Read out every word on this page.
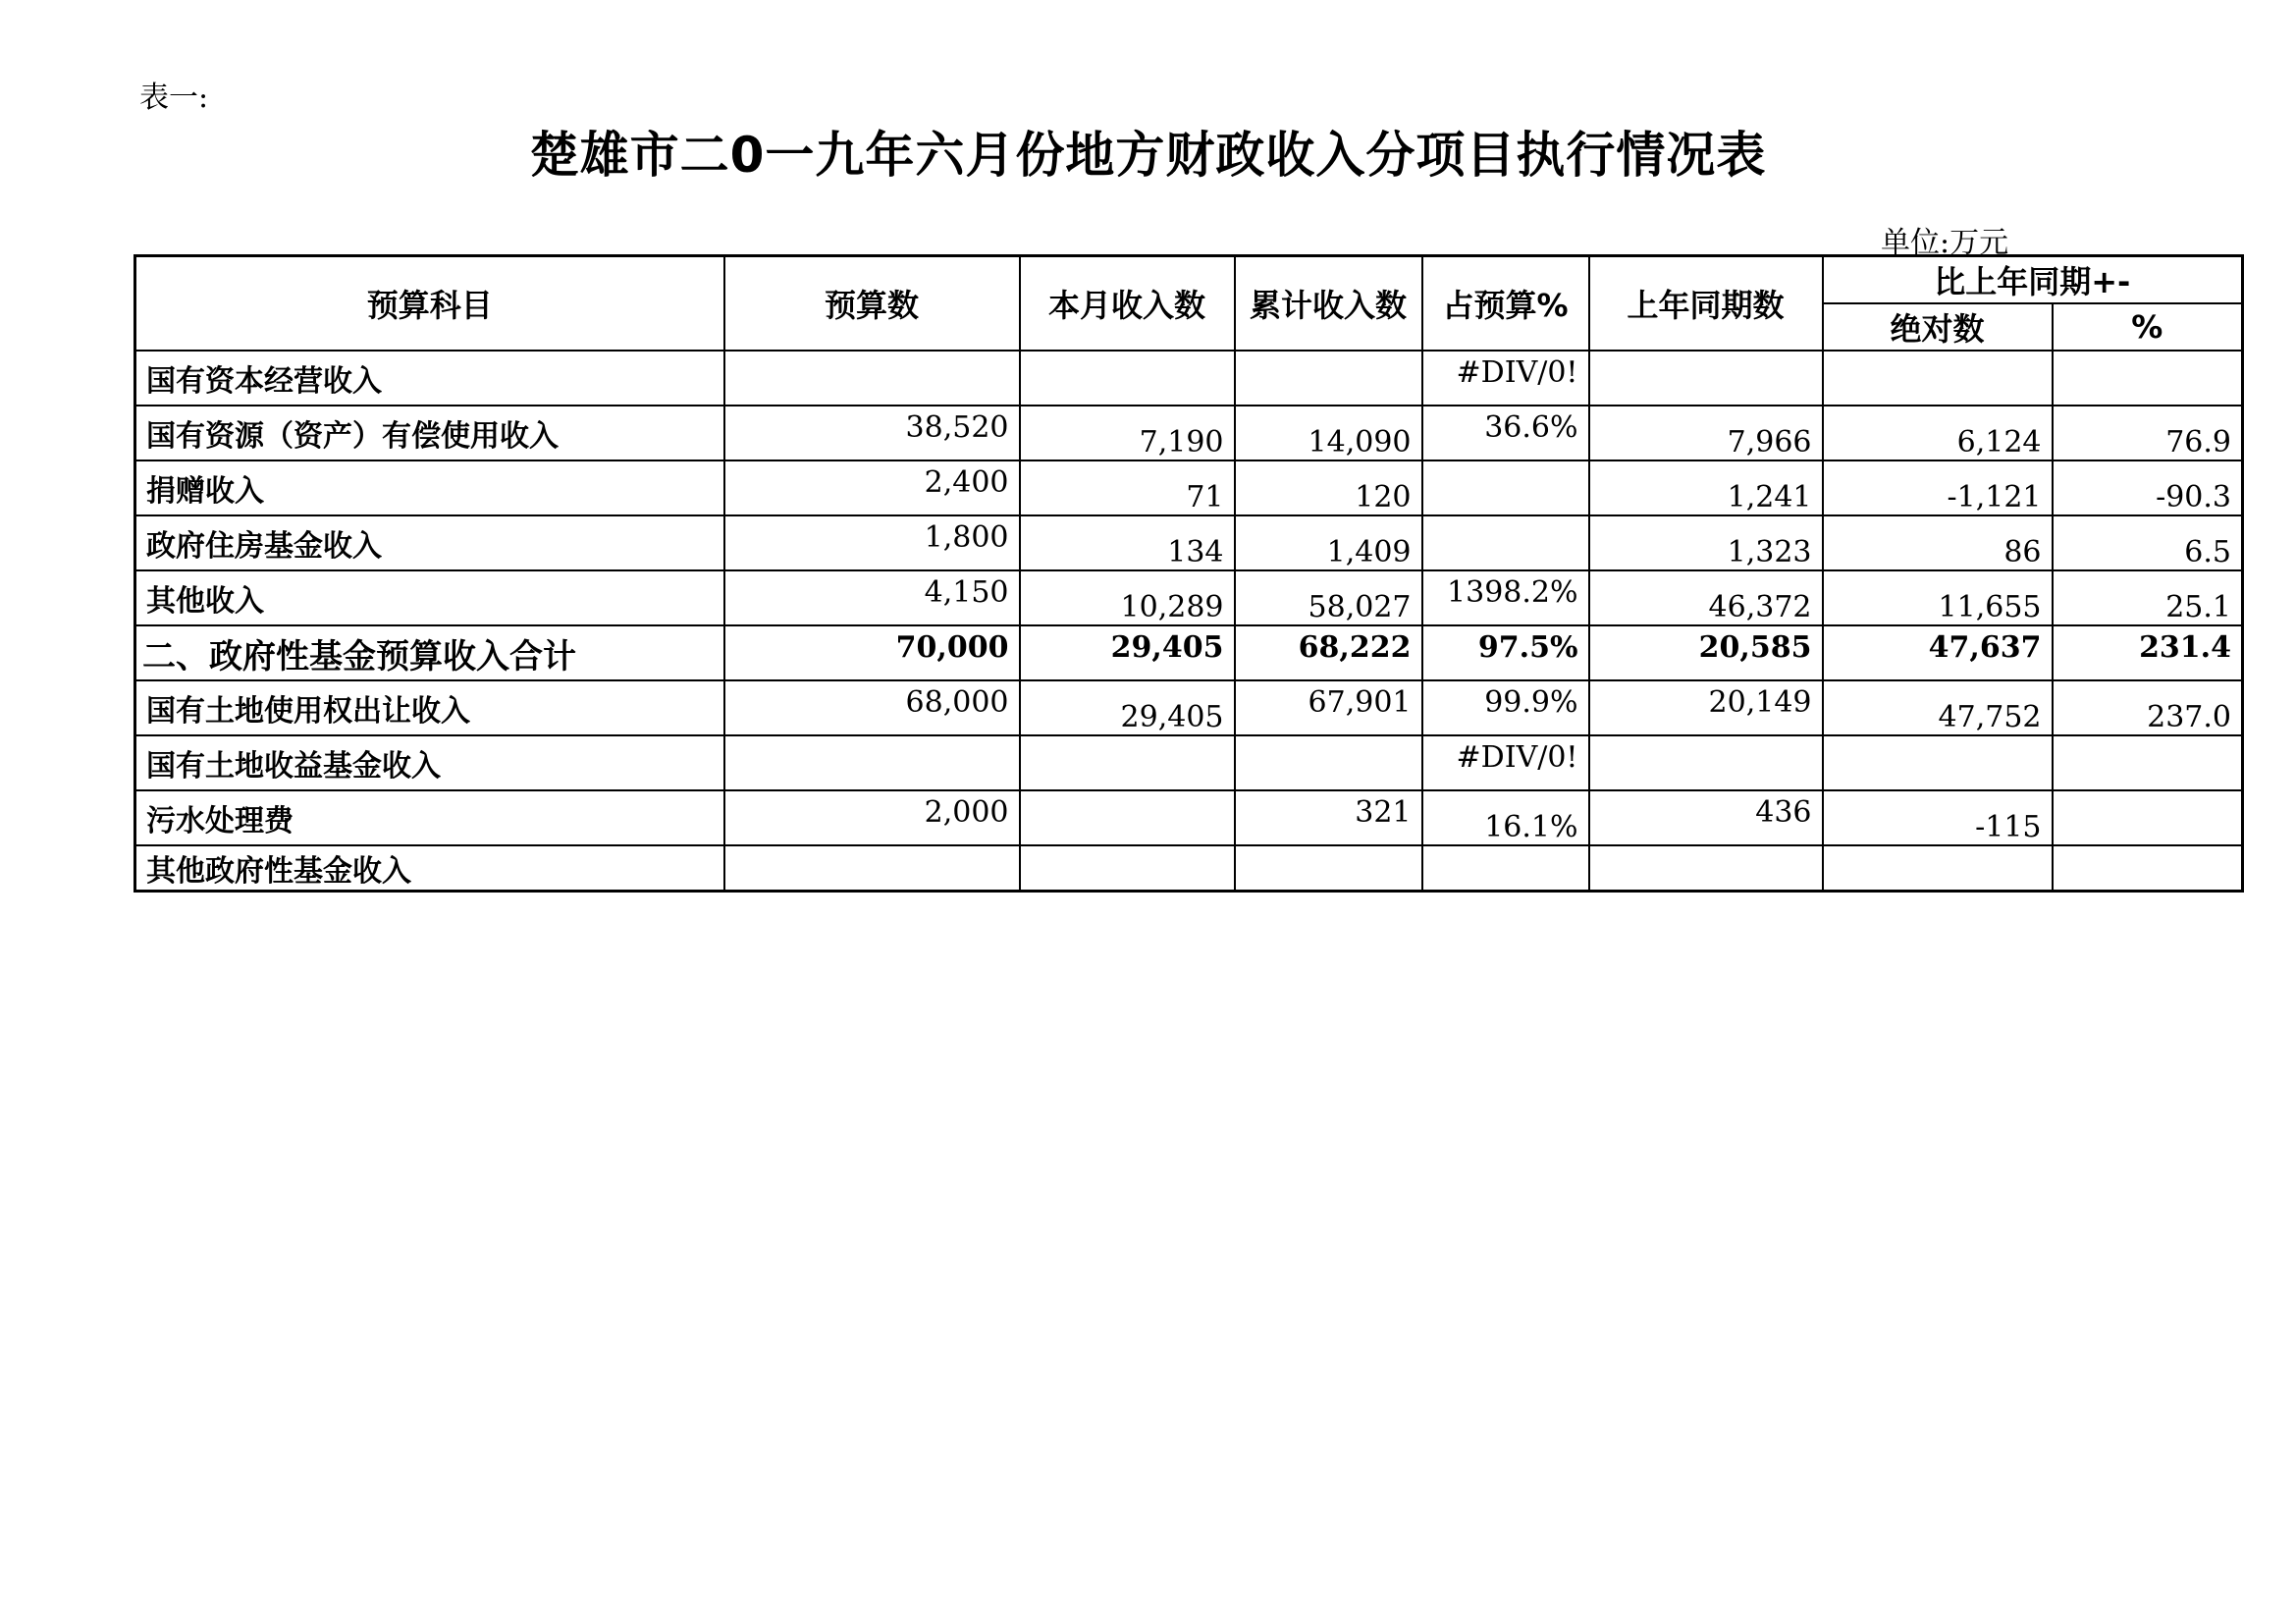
表一:
楚雄市二0一九年六月份地方财政收入分项目执行情况表
单位:万元
预算科目	预算数	本月收入数	累计收入数	占预算%	上年同期数	比上年同期+-	
						绝对数	%
国有资本经营收入				#DIV/0!			
国有资源（资产）有偿使用收入	38,520	7,190	14,090	36.6%	7,966	6,124	76.9
捐赠收入	2,400	71	120		1,241	-1,121	-90.3
政府住房基金收入	1,800	134	1,409		1,323	86	6.5
其他收入	4,150	10,289	58,027	1398.2%	46,372	11,655	25.1
二、政府性基金预算收入合计	70,000	29,405	68,222	97.5%	20,585	47,637	231.4
国有土地使用权出让收入	68,000	29,405	67,901	99.9%	20,149	47,752	237.0
国有土地收益基金收入				#DIV/0!			
污水处理费	2,000		321	16.1%	436	-115	
其他政府性基金收入							
